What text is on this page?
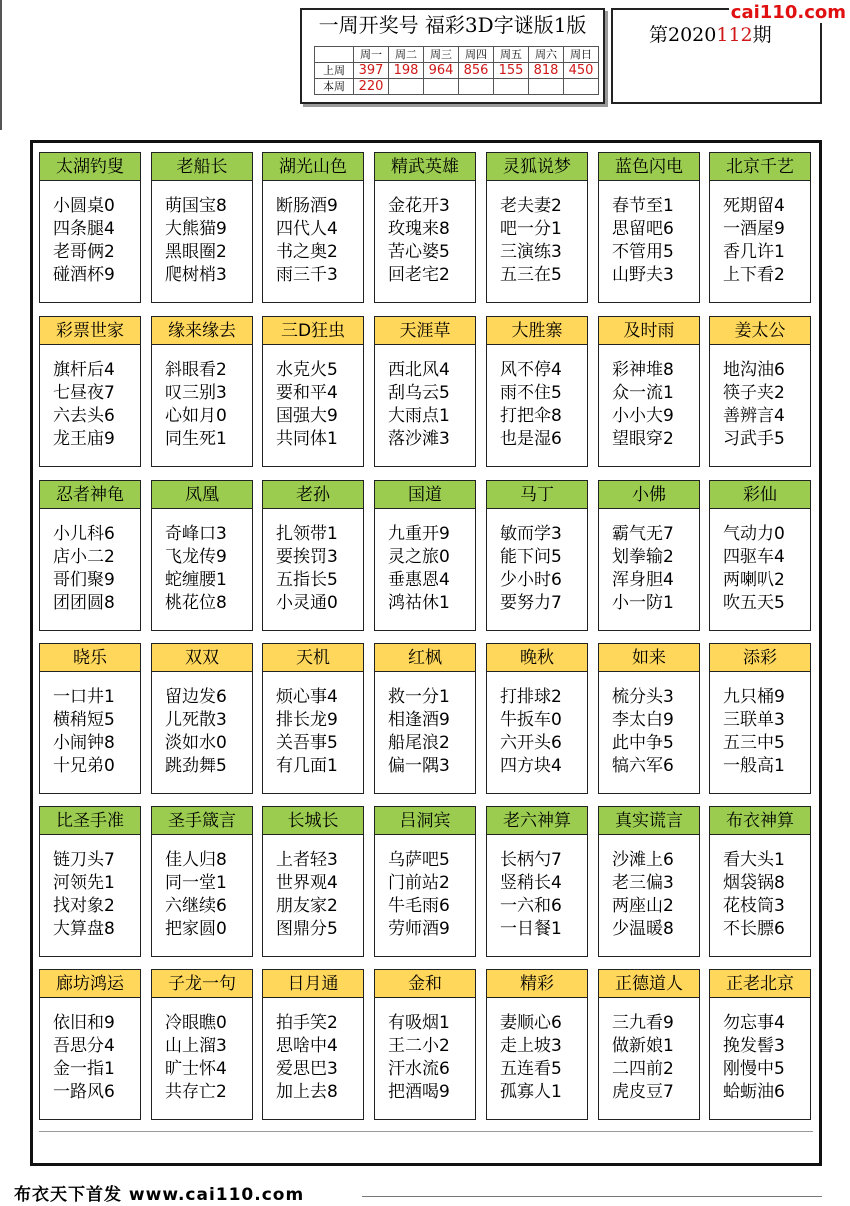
一周开奖号 福彩3D字谜版1版
	周一	周二	周三	周四	周五	周六	周日
上周	397	198	964	856	155	818	450
本周	220						
第2020112期
cai110.com
太湖钓叟
小圆桌0
四条腿4
老哥俩2
碰酒杯9
老船长
萌国宝8
大熊猫9
黑眼圈2
爬树梢3
湖光山色
断肠酒9
四代人4
书之奥2
雨三千3
精武英雄
金花开3
玫瑰来8
苦心婆5
回老宅2
灵狐说梦
老夫妻2
吧一分1
三演练3
五三在5
蓝色闪电
春节至1
思留吧6
不管用5
山野夫3
北京千艺
死期留4
一酒屋9
香几许1
上下看2
彩票世家
旗杆后4
七昼夜7
六去头6
龙王庙9
缘来缘去
斜眼看2
叹三别3
心如月0
同生死1
三D狂虫
水克火5
要和平4
国强大9
共同体1
天涯草
西北风4
刮乌云5
大雨点1
落沙滩3
大胜寨
风不停4
雨不住5
打把伞8
也是湿6
及时雨
彩神堆8
众一流1
小小大9
望眼穿2
姜太公
地沟油6
筷子夹2
善辨言4
习武手5
忍者神龟
小儿科6
店小二2
哥们聚9
团团圆8
凤凰
奇峰口3
飞龙传9
蛇缠腰1
桃花位8
老孙
扎领带1
要挨罚3
五指长5
小灵通0
国道
九重开9
灵之旅0
垂惠恩4
鸿祜休1
马丁
敏而学3
能下问5
少小时6
要努力7
小佛
霸气无7
划拳输2
浑身胆4
小一防1
彩仙
气动力0
四驱车4
两喇叭2
吹五天5
晓乐
一口井1
横稍短5
小闹钟8
十兄弟0
双双
留边发6
儿死散3
淡如水0
跳劲舞5
天机
烦心事4
排长龙9
关吾事5
有几面1
红枫
救一分1
相逢酒9
船尾浪2
偏一隅3
晚秋
打排球2
牛扳车0
六开头6
四方块4
如来
梳分头3
李太白9
此中争5
犒六军6
添彩
九只桶9
三联单3
五三中5
一般高1
比圣手准
链刀头7
河领先1
找对象2
大算盘8
圣手箴言
佳人归8
同一堂1
六继续6
把家圆0
长城长
上者轻3
世界观4
朋友家2
图鼎分5
吕洞宾
乌萨吧5
门前站2
牛毛雨6
劳师酒9
老六神算
长柄勺7
竖稍长4
一六和6
一日餐1
真实谎言
沙滩上6
老三偏3
两座山2
少温暖8
布衣神算
看大头1
烟袋锅8
花枝筒3
不长膘6
廊坊鸿运
依旧和9
吾思分4
金一指1
一路风6
子龙一句
冷眼瞧0
山上溜3
旷士怀4
共存亡2
日月通
拍手笑2
思啥中4
爱思巴3
加上去8
金和
有吸烟1
王二小2
汗水流6
把酒喝9
精彩
妻顺心6
走上坡3
五连看5
孤寡人1
正德道人
三九看9
做新娘1
二四前2
虎皮豆7
正老北京
勿忘事4
挽发髻3
刚慢中5
蛤蛎油6
布衣天下首发 www.cai110.com
